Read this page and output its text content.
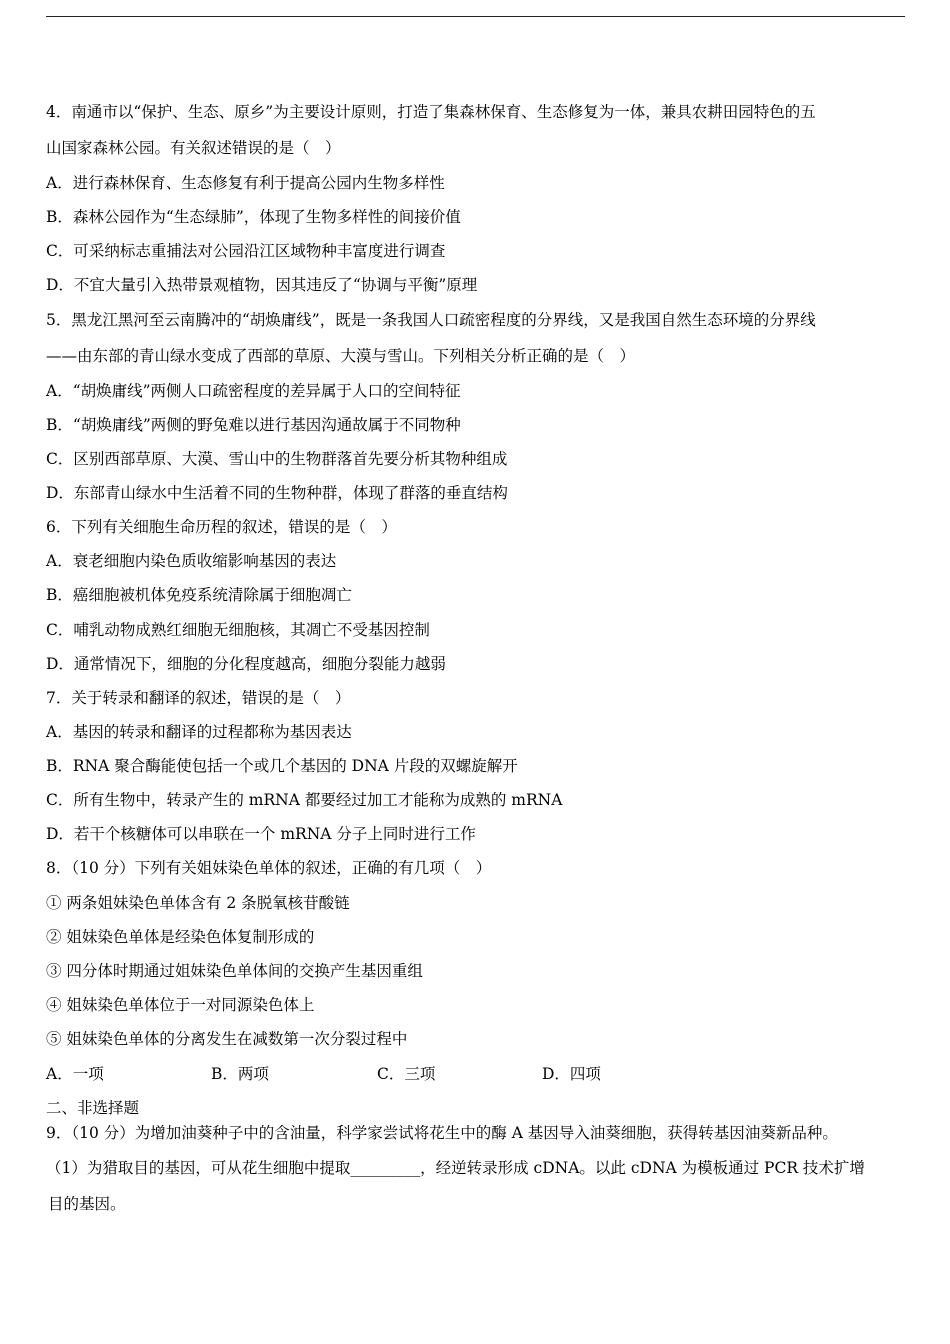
4．南通市以“保护、生态、原乡”为主要设计原则，打造了集森林保育、生态修复为一体，兼具农耕田园特色的五
山国家森林公园。有关叙述错误的是（　）
A．进行森林保育、生态修复有利于提高公园内生物多样性
B．森林公园作为“生态绿肺”，体现了生物多样性的间接价值
C．可采纳标志重捕法对公园沿江区域物种丰富度进行调查
D．不宜大量引入热带景观植物，因其违反了“协调与平衡”原理
5．黑龙江黑河至云南腾冲的“胡焕庸线”，既是一条我国人口疏密程度的分界线，又是我国自然生态环境的分界线
——由东部的青山绿水变成了西部的草原、大漠与雪山。下列相关分析正确的是（　）
A．“胡焕庸线”两侧人口疏密程度的差异属于人口的空间特征
B．“胡焕庸线”两侧的野兔难以进行基因沟通故属于不同物种
C．区别西部草原、大漠、雪山中的生物群落首先要分析其物种组成
D．东部青山绿水中生活着不同的生物种群，体现了群落的垂直结构
6．下列有关细胞生命历程的叙述，错误的是（　）
A．衰老细胞内染色质收缩影响基因的表达
B．癌细胞被机体免疫系统清除属于细胞凋亡
C．哺乳动物成熟红细胞无细胞核，其凋亡不受基因控制
D．通常情况下，细胞的分化程度越高，细胞分裂能力越弱
7．关于转录和翻译的叙述，错误的是（　）
A．基因的转录和翻译的过程都称为基因表达
B．RNA 聚合酶能使包括一个或几个基因的 DNA 片段的双螺旋解开
C．所有生物中，转录产生的 mRNA 都要经过加工才能称为成熟的 mRNA
D．若干个核糖体可以串联在一个 mRNA 分子上同时进行工作
8．（10 分）下列有关姐妹染色单体的叙述，正确的有几项（　）
① 两条姐妹染色单体含有 2 条脱氧核苷酸链
② 姐妹染色单体是经染色体复制形成的
③ 四分体时期通过姐妹染色单体间的交换产生基因重组
④ 姐妹染色单体位于一对同源染色体上
⑤ 姐妹染色单体的分离发生在减数第一次分裂过程中
A．一项	B．两项	C．三项	D．四项
二、非选择题
9．（10 分）为增加油葵种子中的含油量，科学家尝试将花生中的酶 A 基因导入油葵细胞，获得转基因油葵新品种。
（1）为猎取目的基因，可从花生细胞中提取_________，经逆转录形成 cDNA。以此 cDNA 为模板通过 PCR 技术扩增
目的基因。
